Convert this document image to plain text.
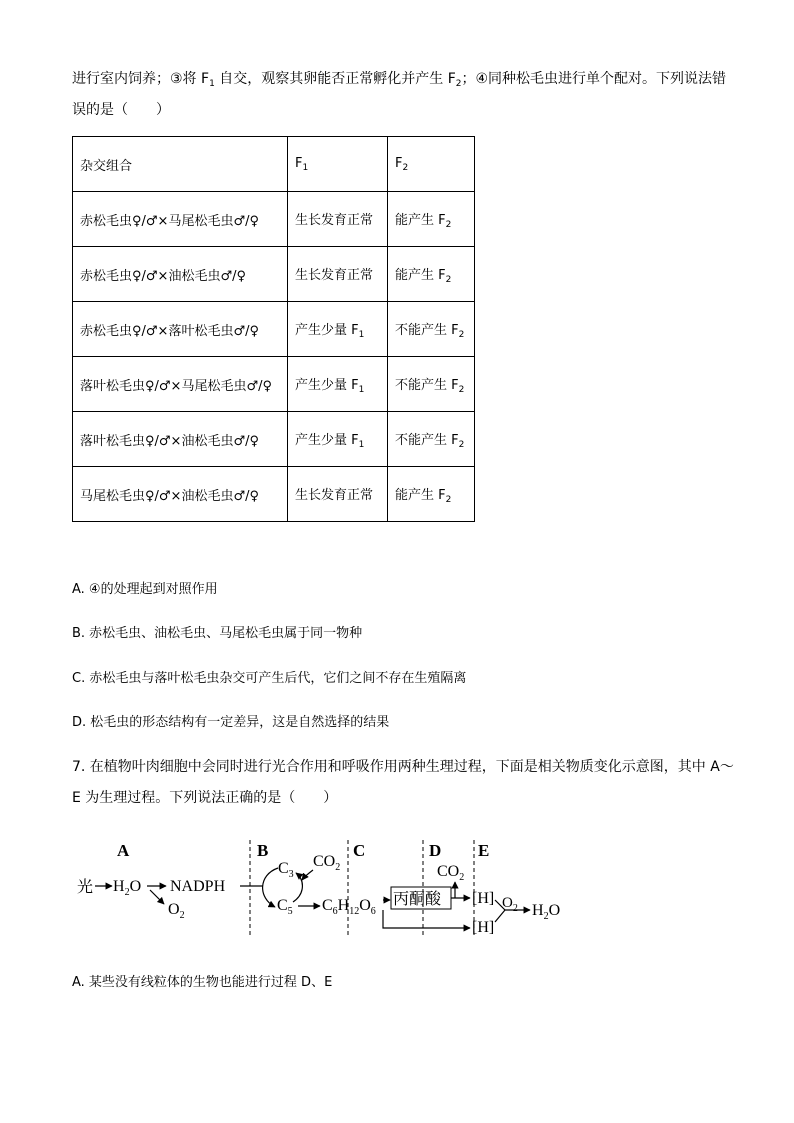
进行室内饲养；③将 $F_1$ 自交，观察其卵能否正常孵化并产生 $F_2$；④同种松毛虫进行单个配对。下列说法错
误的是（　　）
杂交组合	$F_1$	$F_2$
赤松毛虫♀/♂×马尾松毛虫♂/♀	生长发育正常	能产生 $F_2$
赤松毛虫♀/♂×油松毛虫♂/♀	生长发育正常	能产生 $F_2$
赤松毛虫♀/♂×落叶松毛虫♂/♀	产生少量 $F_1$	不能产生 $F_2$
落叶松毛虫♀/♂×马尾松毛虫♂/♀	产生少量 $F_1$	不能产生 $F_2$
落叶松毛虫♀/♂×油松毛虫♂/♀	产生少量 $F_1$	不能产生 $F_2$
马尾松毛虫♀/♂×油松毛虫♂/♀	生长发育正常	能产生 $F_2$
A. ④的处理起到对照作用
B. 赤松毛虫、油松毛虫、马尾松毛虫属于同一物种
C. 赤松毛虫与落叶松毛虫杂交可产生后代，它们之间不存在生殖隔离
D. 松毛虫的形态结构有一定差异，这是自然选择的结果
7. 在植物叶肉细胞中会同时进行光合作用和呼吸作用两种生理过程，下面是相关物质变化示意图，其中 A～
E 为生理过程。下列说法正确的是（　　）
A	B	C	D E
光 $H_2O$
$O_2$
NADPH
$C_3$
$C_5$
$CO_2$
$C_6H_{12}O_6$
丙酮酸
$CO_2$
[H]
[H]
$O_2$ $H_2O$
A. 某些没有线粒体的生物也能进行过程 D、E
